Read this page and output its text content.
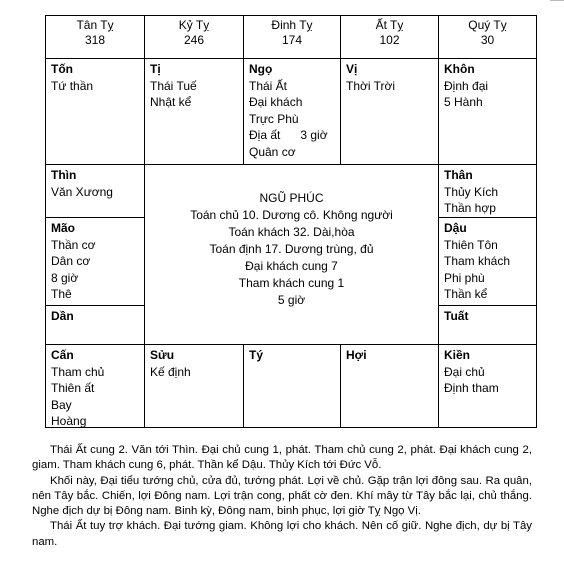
Tân Tỵ
318
Kỷ Tỵ
246
Đinh Tỵ
174
Ất Tỵ
102
Quý Tỵ
30
Tốn
Tứ thần
Tị
Thái Tuế
Nhật kể
Ngọ
Thái Ất
Đại khách
Trực Phù
Địa ất 3 giờ
Quân cơ
Vị
Thời Trời
Khôn
Định đại
5 Hành
Thìn
Văn Xương
Mão
Thần cơ
Dân cơ
8 giờ
Thê
Dần
NGŨ PHÚC
Toán chủ 10. Dương cô. Không người
Toán khách 32. Dài,hòa
Toán định 17. Dương trùng, đủ
Đại khách cung 7
Tham khách cung 1
5 giờ
Thân
Thủy Kích
Thần hợp
Dậu
Thiên Tôn
Tham khách
Phi phù
Thần kể
Tuất
Cấn
Tham chủ
Thiên ất
Bay
Hoàng
Sửu
Kế định
Tý	Hợi	Kiền
Đại chủ
Định tham
Thái Ất cung 2. Văn tới Thìn. Đại chủ cung 1, phát. Tham chủ cung 2, phát. Đại khách cung 2, giam. Tham khách cung 6, phát. Thần kể Dậu. Thủy Kích tới Đức Vỗ.
Khối này, Đại tiểu tướng chủ, cửa đủ, tướng phát. Lợi về chủ. Gặp trận lợi đông sau. Ra quân, nên Tây bắc. Chiến, lợi Đông nam. Lợi trận cong, phất cờ đen. Khí mây từ Tây bắc lại, chủ thắng. Nghe địch dự bị Đông nam. Binh kỳ, Đông nam, binh phục, lợi giờ Tỵ Ngọ Vị.
Thái Ất tuy trợ khách. Đại tướng giam. Không lợi cho khách. Nên cố giữ. Nghe địch, dự bị Tây nam.
